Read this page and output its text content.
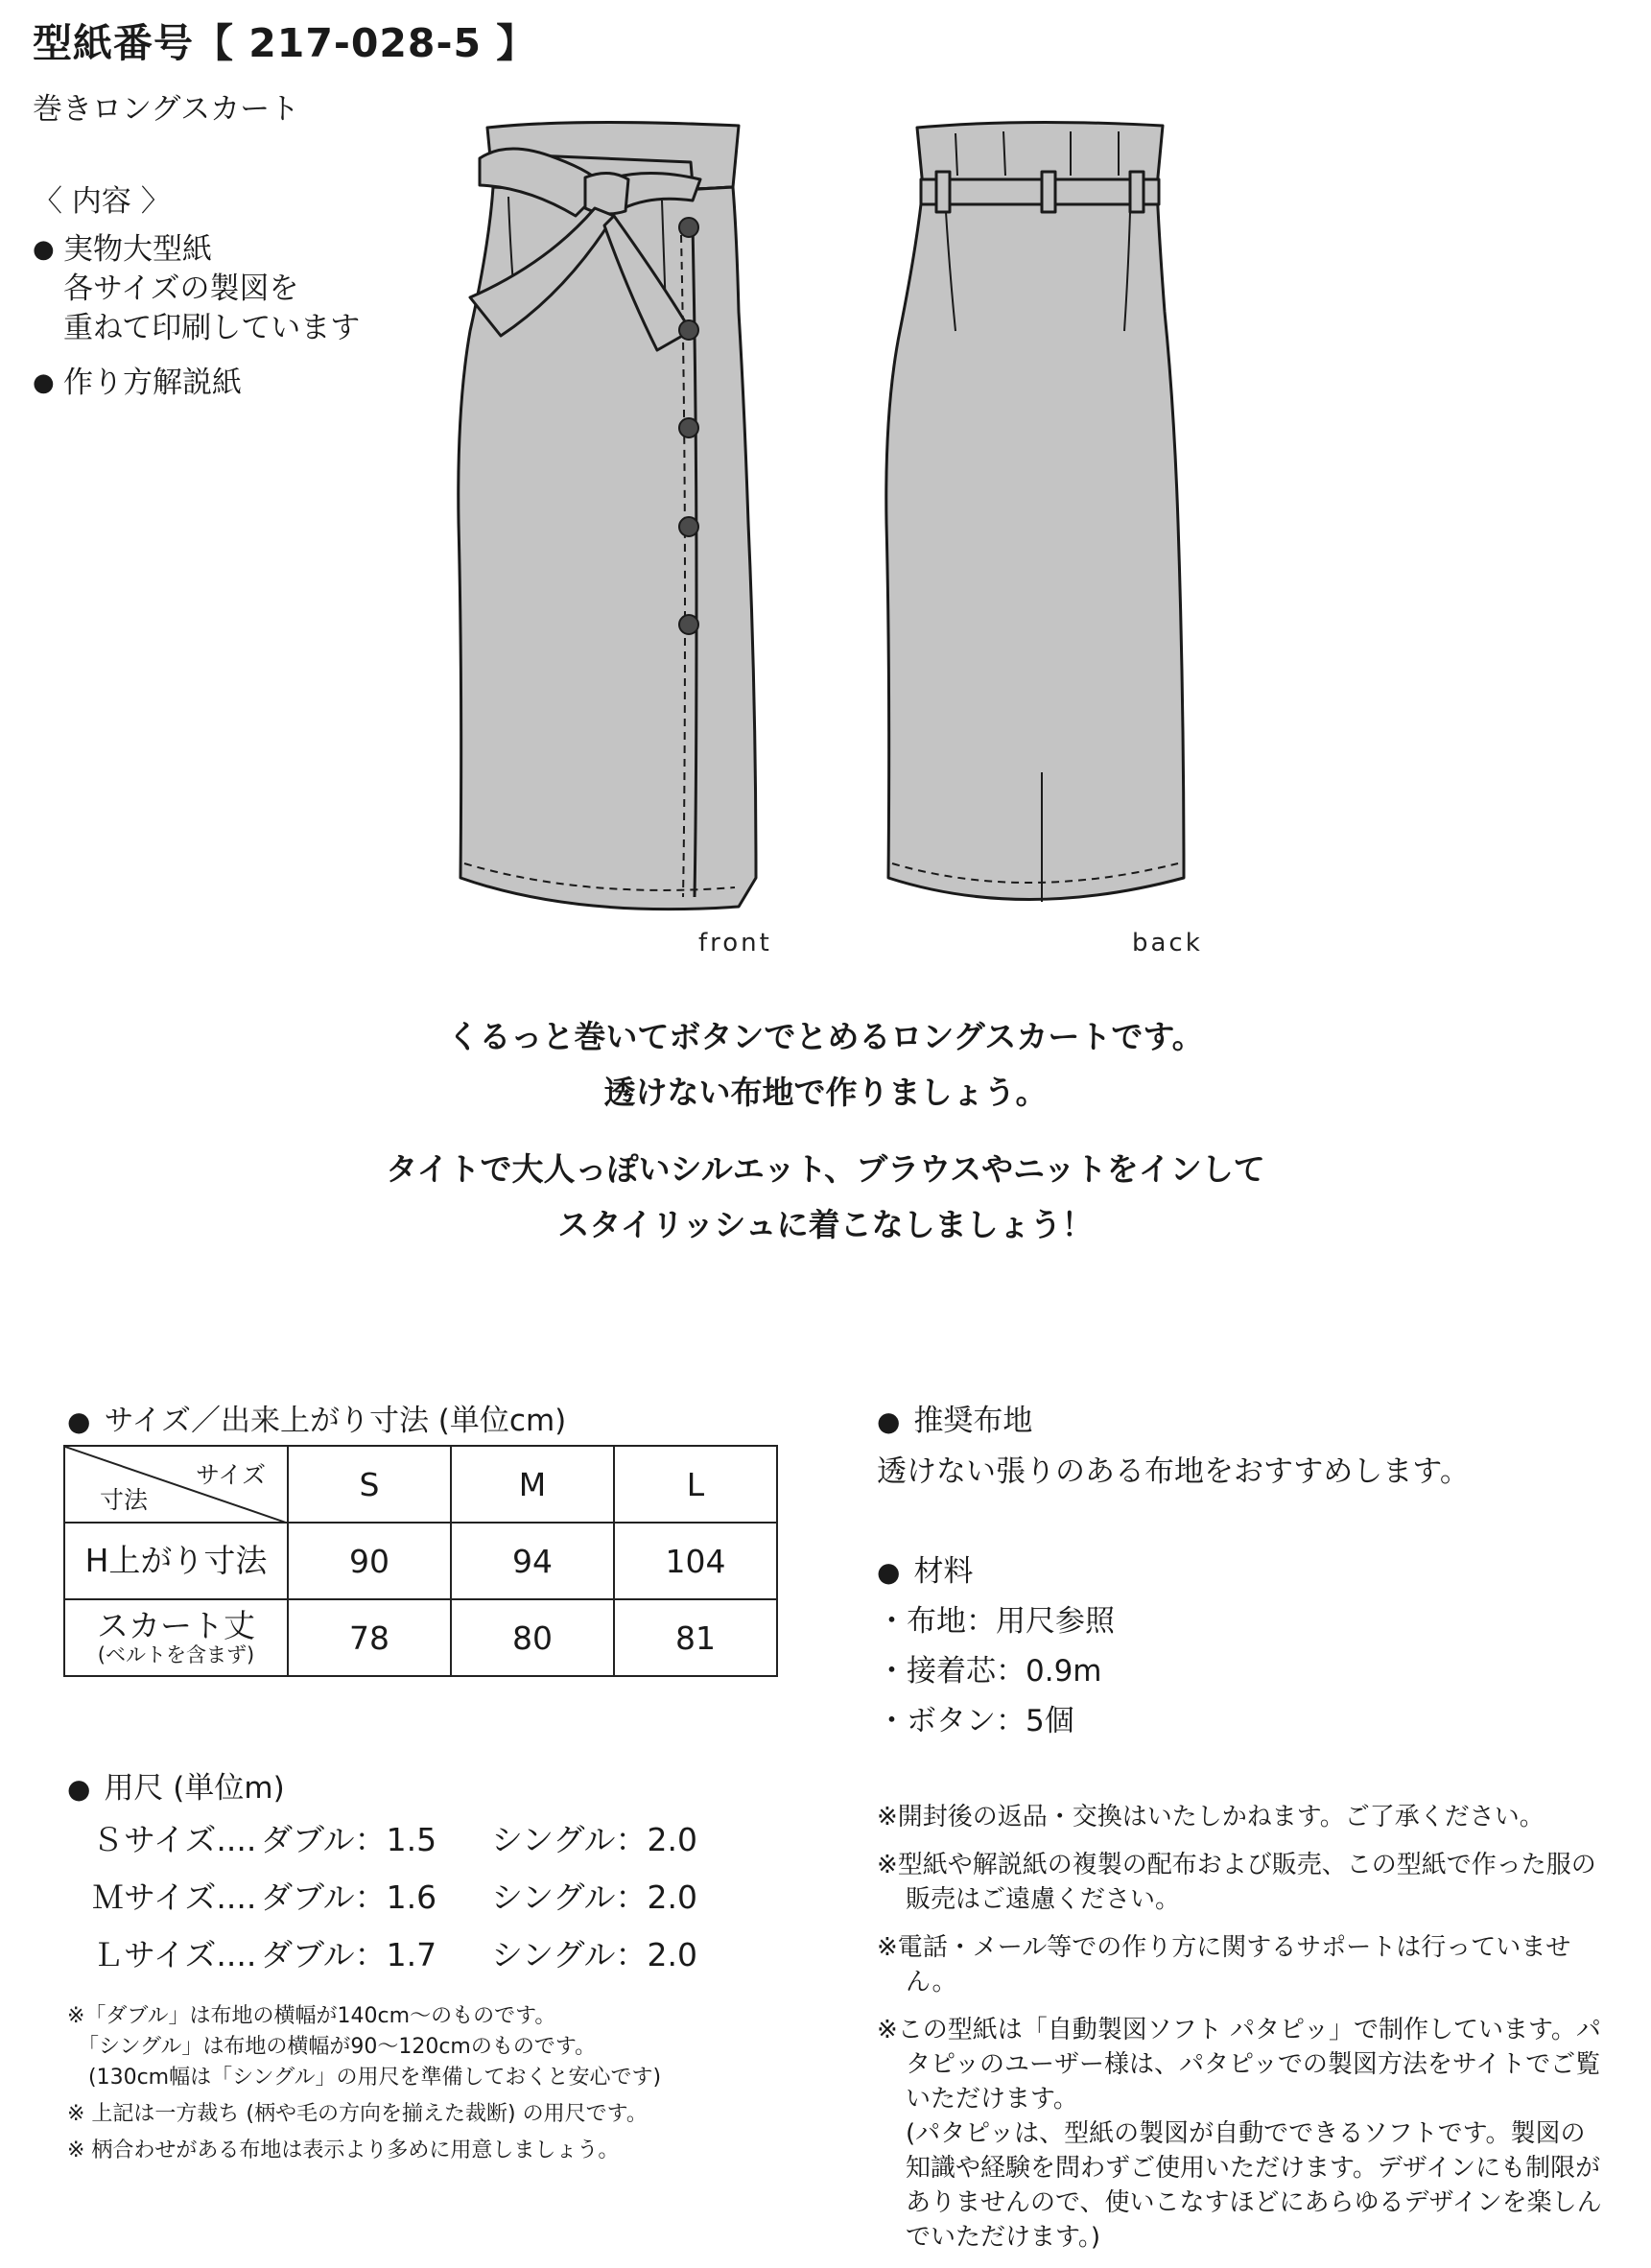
型紙番号【 217-028-5 】
巻きロングスカート
〈 内容 〉
● 実物大型紙
各サイズの製図を
重ねて印刷しています
● 作り方解説紙
front	back
くるっと巻いてボタンでとめるロングスカートです。
透けない布地で作りましょう。
タイトで大人っぽいシルエット、ブラウスやニットをインして
スタイリッシュに着こなしましょう！
● サイズ／出来上がり寸法 (単位cm)
サイズ
寸法	S	M	L

H上がり寸法	90	94	104

スカート丈
(ベルトを含まず)	78	80	81
● 用尺 (単位m)
Ｓサイズ.... ダブル：1.5 シングル：2.0
Ｍサイズ.... ダブル：1.6 シングル：2.0
Ｌサイズ.... ダブル：1.7 シングル：2.0
※「ダブル」は布地の横幅が140cm～のものです。
　「シングル」は布地の横幅が90～120cmのものです。
　(130cm幅は「シングル」の用尺を準備しておくと安心です)
※ 上記は一方裁ち (柄や毛の方向を揃えた裁断) の用尺です。
※ 柄合わせがある布地は表示より多めに用意しましょう。
● 推奨布地
透けない張りのある布地をおすすめします。
● 材料
・布地：用尺参照
・接着芯：0.9m
・ボタン：5個
※開封後の返品・交換はいたしかねます。ご了承ください。
※型紙や解説紙の複製の配布および販売、この型紙で作った服の販売はご遠慮ください。
※電話・メール等での作り方に関するサポートは行っていません。
※この型紙は「自動製図ソフト パタピッ」で制作しています。パタピッのユーザー様は、パタピッでの製図方法をサイトでご覧いただけます。
(パタピッは、型紙の製図が自動でできるソフトです。製図の知識や経験を問わずご使用いただけます。デザインにも制限がありませんので、使いこなすほどにあらゆるデザインを楽しんでいただけます。)
